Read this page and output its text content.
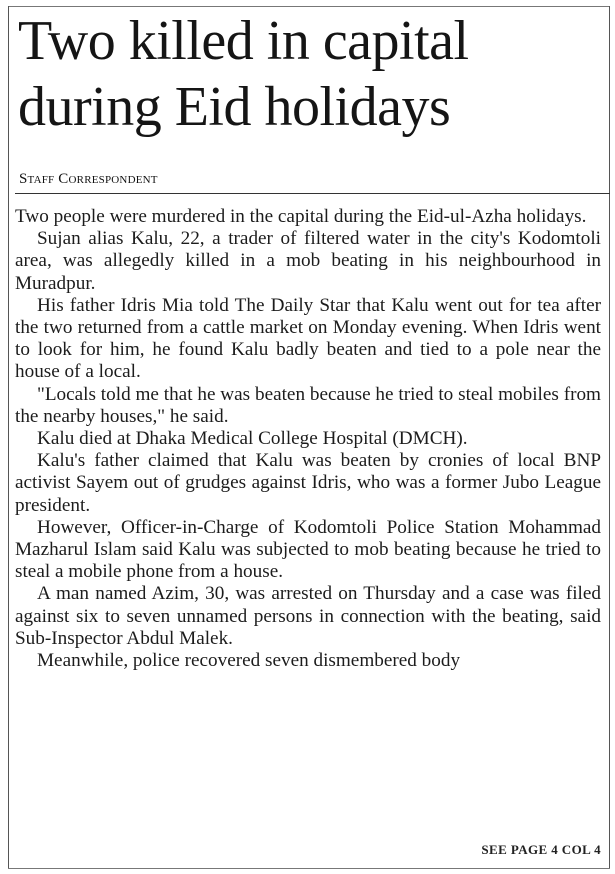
Two killed in capital during Eid holidays
Staff Correspondent

Two people were murdered in the capital during the Eid-ul-Azha holidays.

Sujan alias Kalu, 22, a trader of filtered water in the city's Kodomtoli area, was allegedly killed in a mob beating in his neighbourhood in Muradpur.

His father Idris Mia told The Daily Star that Kalu went out for tea after the two returned from a cattle market on Monday evening. When Idris went to look for him, he found Kalu badly beaten and tied to a pole near the house of a local.

"Locals told me that he was beaten because he tried to steal mobiles from the nearby houses," he said.

Kalu died at Dhaka Medical College Hospital (DMCH).

Kalu's father claimed that Kalu was beaten by cronies of local BNP activist Sayem out of grudges against Idris, who was a former Jubo League president.

However, Officer-in-Charge of Kodomtoli Police Station Mohammad Mazharul Islam said Kalu was subjected to mob beating because he tried to steal a mobile phone from a house.

A man named Azim, 30, was arrested on Thursday and a case was filed against six to seven unnamed persons in connection with the beating, said Sub-Inspector Abdul Malek.

Meanwhile, police recovered seven dismembered body

SEE PAGE 4 COL 4
